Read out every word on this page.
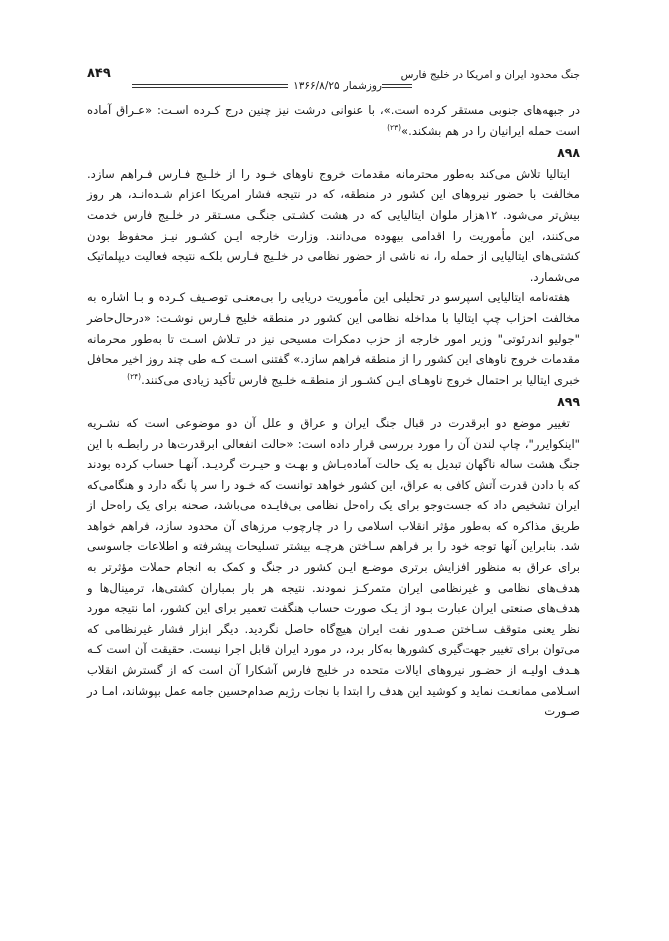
جنگ محدود ایران و امریکا در خلیج فارس
۸۴۹
روزشمار
۱۳۶۶/۸/۲۵

در جبهه‌های جنوبی مستقر کرده است.»، با عنوانی درشت نیز چنین درج کـرده اسـت: «عـراق آماده است حمله ایرانیان را در هم بشکند.»$^{(۲۳)}$

۸۹۸

ایتالیا تلاش می‌کند به‌طور محترمانه مقدمات خروج ناوهای خـود را از خلـیج فـارس فـراهم سازد. مخالفت با حضور نیروهای این کشور در منطقه، که در نتیجه فشار امریکا اعزام شـده‌انـد، هر روز بیش‌تر می‌شود. ۱۲هزار ملوان ایتالیایی که در هشت کشـتی جنگـی مسـتقر در خلـیج فارس خدمت می‌کنند، این مأموریت را اقدامی بیهوده می‌دانند. وزارت خارجه ایـن کشـور نیـز محفوظ بودن کشتی‌های ایتالیایی از حمله را، نه ناشی از حضور نظامی در خلـیج فـارس بلکـه نتیجه فعالیت دیپلماتیک می‌شمارد.

هفته‌نامه ایتالیایی اسپرسو در تحلیلی این مأموریت دریایی را بی‌معنـی توصـیف کـرده و بـا اشاره به مخالفت احزاب چپ ایتالیا با مداخله نظامی این کشور در منطقه خلیج فـارس نوشـت: «درحال‌حاضر "جولیو اندرئوتی" وزیر امور خارجه از حزب دمکرات مسیحی نیز در تـلاش اسـت تا به‌طور محرمانه مقدمات خروج ناوهای این کشور را از منطقه فراهم سازد.» گفتنی اسـت کـه طی چند روز اخیر محافل خبری ایتالیا بر احتمال خروج ناوهـای ایـن کشـور از منطقـه خلـیج فارس تأکید زیادی می‌کنند.$^{(۲۴)}$

۸۹۹

تغییر موضع دو ابرقدرت در قبال جنگ ایران و عراق و علل آن دو موضوعی است که نشـریه "اینکوایرر"، چاپ لندن آن را مورد بررسی قرار داده است: «حالت انفعالی ابرقدرت‌ها در رابطـه با این جنگ هشت ساله ناگهان تبدیل به یک حالت آماده‌بـاش و بهـت و حیـرت گردیـد. آنهـا حساب کرده بودند که با دادن قدرت آتش کافی به عراق، این کشور خواهد توانست که خـود را سر پا نگه دارد و هنگامی‌که ایران تشخیص داد که جست‌وجو برای یک راه‌حل نظامی بی‌فایـده می‌باشد، صحنه برای یک راه‌حل از طریق مذاکره که به‌طور مؤثر انقلاب اسلامی را در چارچوب مرزهای آن محدود سازد، فراهم خواهد شد. بنابراین آنها توجه خود را بر فراهم سـاختن هرچـه بیشتر تسلیحات پیشرفته و اطلاعات جاسوسی برای عراق به منظور افزایش برتری موضـع ایـن کشور در جنگ و کمک به انجام حملات مؤثرتر به هدف‌های نظامی و غیرنظامی ایران متمرکـز نمودند. نتیجه هر بار بمباران کشتی‌ها، ترمینال‌ها و هدف‌های صنعتی ایران عبارت بـود از یـک صورت حساب هنگفت تعمیر برای این کشور، اما نتیجه مورد نظر یعنی متوقف سـاختن صـدور نفت ایران هیچ‌گاه حاصل نگردید. دیگر ابزار فشار غیرنظامی که می‌توان برای تغییر جهت‌گیری کشورها به‌کار برد، در مورد ایران قابل اجرا نیست. حقیقت آن است کـه هـدف اولیـه از حضـور نیروهای ایالات متحده در خلیج فارس آشکارا آن است که از گسترش انقلاب اسـلامی ممانعـت نماید و کوشید این هدف را ابتدا با نجات رژیم صدام‌حسین جامه عمل بپوشاند، امـا در صـورت
